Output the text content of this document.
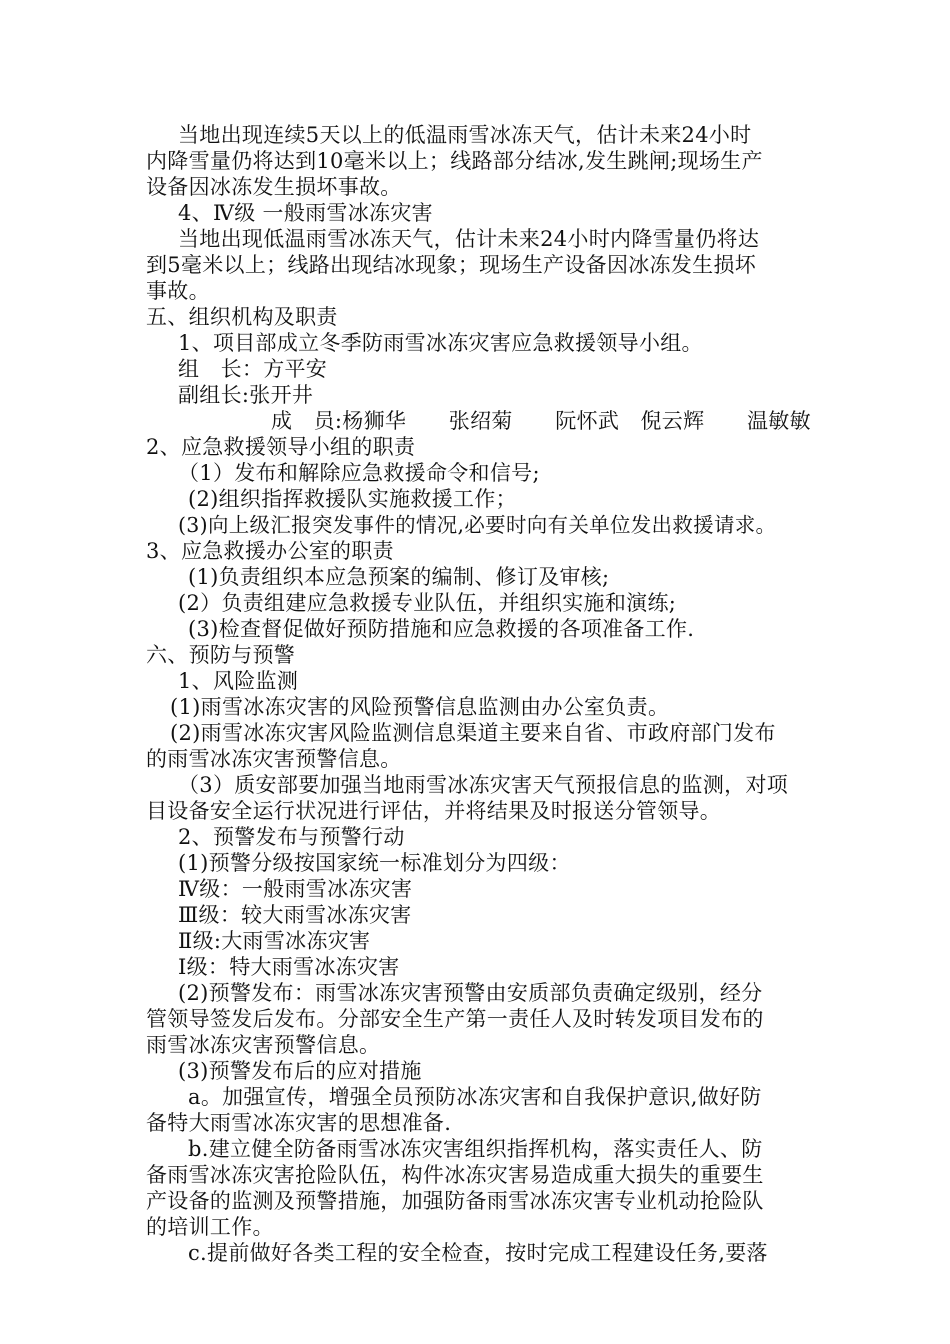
当地出现连续5天以上的低温雨雪冰冻天气，估计未来24小时
内降雪量仍将达到10毫米以上；线路部分结冰,发生跳闸;现场生产
设备因冰冻发生损坏事故。
4、Ⅳ级 一般雨雪冰冻灾害
当地出现低温雨雪冰冻天气，估计未来24小时内降雪量仍将达
到5毫米以上；线路出现结冰现象；现场生产设备因冰冻发生损坏
事故。
五、组织机构及职责
1、项目部成立冬季防雨雪冰冻灾害应急救援领导小组。
组　长：方平安
副组长:张开井
成　员:杨狮华　　张绍菊　　阮怀武　倪云辉　　温敏敏
2、应急救援领导小组的职责
（1）发布和解除应急救援命令和信号;
(2)组织指挥救援队实施救援工作；
(3)向上级汇报突发事件的情况,必要时向有关单位发出救援请求。
3、应急救援办公室的职责
(1)负责组织本应急预案的编制、修订及审核;
(2）负责组建应急救援专业队伍，并组织实施和演练;
(3)检查督促做好预防措施和应急救援的各项准备工作.
六、预防与预警
1、风险监测
(1)雨雪冰冻灾害的风险预警信息监测由办公室负责。
(2)雨雪冰冻灾害风险监测信息渠道主要来自省、市政府部门发布
的雨雪冰冻灾害预警信息。
（3）质安部要加强当地雨雪冰冻灾害天气预报信息的监测，对项
目设备安全运行状况进行评估，并将结果及时报送分管领导。
2、预警发布与预警行动
(1)预警分级按国家统一标准划分为四级：
Ⅳ级：一般雨雪冰冻灾害
Ⅲ级：较大雨雪冰冻灾害
Ⅱ级:大雨雪冰冻灾害
Ⅰ级：特大雨雪冰冻灾害
(2)预警发布：雨雪冰冻灾害预警由安质部负责确定级别，经分
管领导签发后发布。分部安全生产第一责任人及时转发项目发布的
雨雪冰冻灾害预警信息。
(3)预警发布后的应对措施
a。加强宣传，增强全员预防冰冻灾害和自我保护意识,做好防
备特大雨雪冰冻灾害的思想准备.
b.建立健全防备雨雪冰冻灾害组织指挥机构，落实责任人、防
备雨雪冰冻灾害抢险队伍，构件冰冻灾害易造成重大损失的重要生
产设备的监测及预警措施，加强防备雨雪冰冻灾害专业机动抢险队
的培训工作。
c.提前做好各类工程的安全检查，按时完成工程建设任务,要落
